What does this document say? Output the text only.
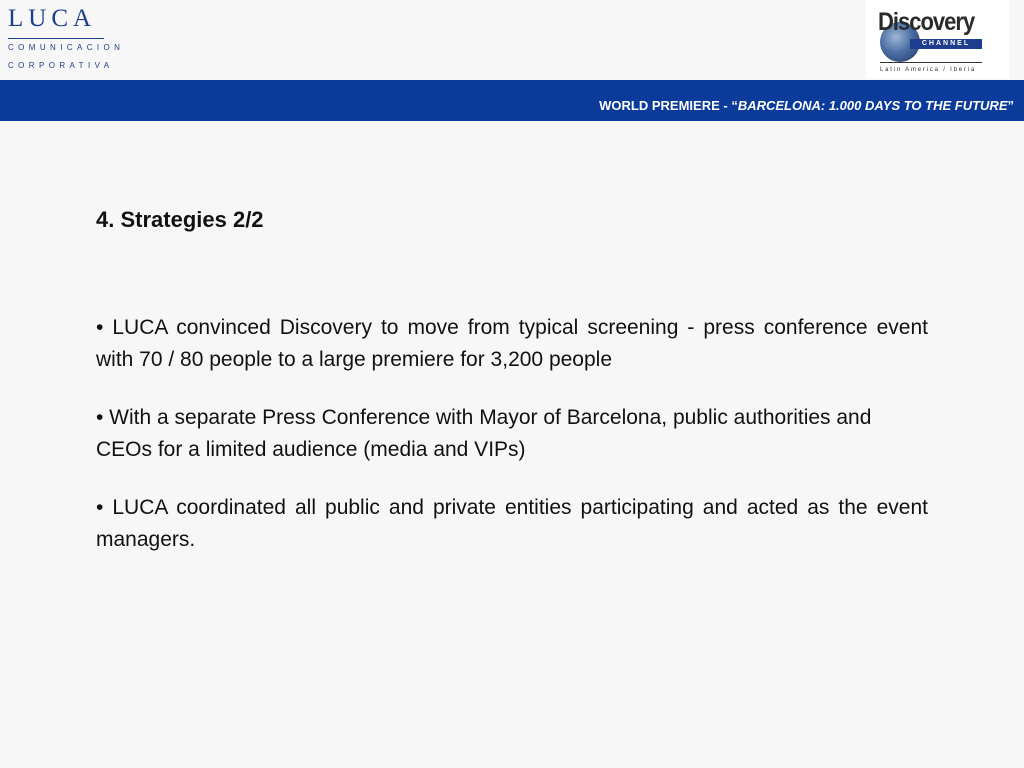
LUCA
COMUNICACION
CORPORATIVA
Discovery
CHANNEL
Latin America / Iberia
WORLD PREMIERE - “BARCELONA: 1.000 DAYS TO THE FUTURE”

4. Strategies 2/2

• LUCA convinced Discovery to move from typical screening - press conference event with 70 / 80 people to a large premiere for 3,200 people

• With a separate Press Conference with Mayor of Barcelona, public authorities and CEOs for a limited audience (media and VIPs)

• LUCA coordinated all public and private entities participating and acted as the event managers.
